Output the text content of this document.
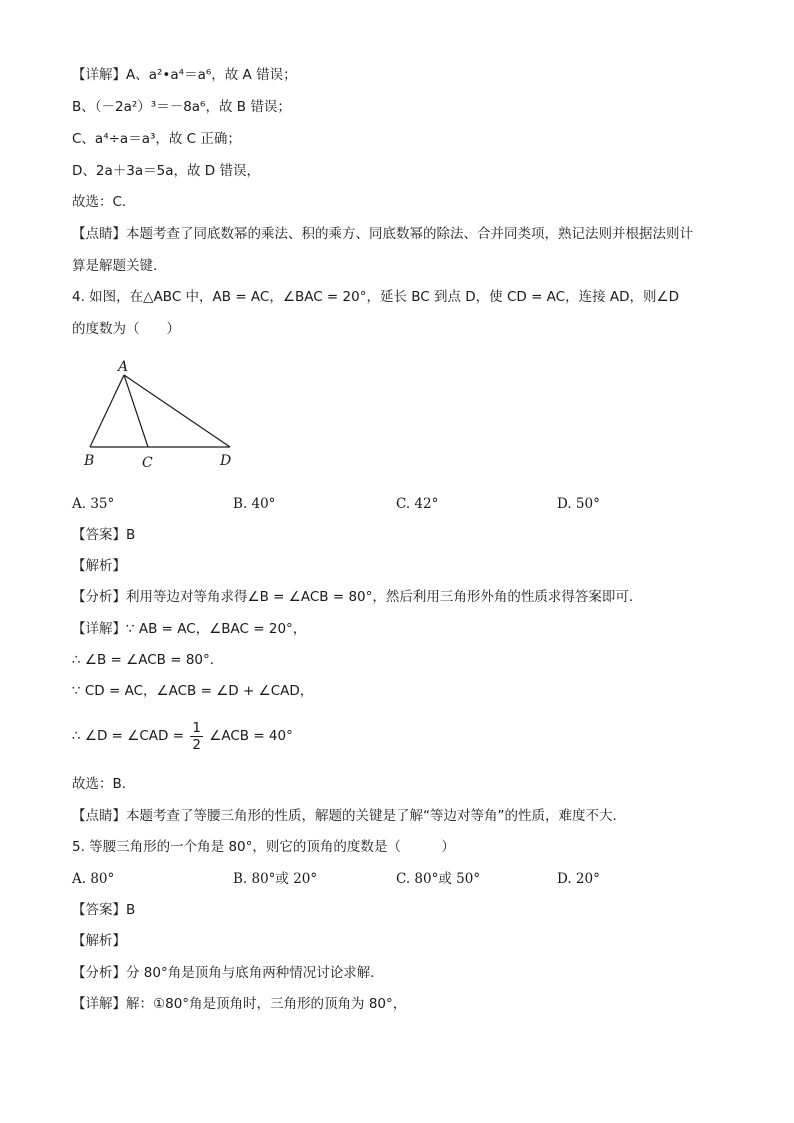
【详解】A、a²•a⁴＝a⁶，故 A 错误；
B、（－2a²）³＝－8a⁶，故 B 错误；
C、a⁴÷a＝a³，故 C 正确；
D、2a＋3a＝5a，故 D 错误，
故选：C．
【点睛】本题考查了同底数幂的乘法、积的乘方、同底数幂的除法、合并同类项，熟记法则并根据法则计
算是解题关键．
4. 如图，在△ABC 中，AB = AC，∠BAC = 20°，延长 BC 到点 D，使 CD = AC，连接 AD，则∠D
的度数为（　　）
A
B	C	D
A. 35°	B. 40°	C. 42°	D. 50°
【答案】B
【解析】
【分析】利用等边对等角求得∠B = ∠ACB = 80°，然后利用三角形外角的性质求得答案即可．
【详解】∵ AB = AC，∠BAC = 20°，
∴ ∠B = ∠ACB = 80°．
∵ CD = AC，∠ACB = ∠D + ∠CAD，
∴ ∠D = ∠CAD = $\frac{1}{2}$ ∠ACB = 40°
故选：B．
【点睛】本题考查了等腰三角形的性质，解题的关键是了解“等边对等角”的性质，难度不大．
5. 等腰三角形的一个角是 80°，则它的顶角的度数是（　　　）
A. 80°	B. 80°或 20°	C. 80°或 50°	D. 20°
【答案】B
【解析】
【分析】分 80°角是顶角与底角两种情况讨论求解．
【详解】解：①80°角是顶角时，三角形的顶角为 80°，
